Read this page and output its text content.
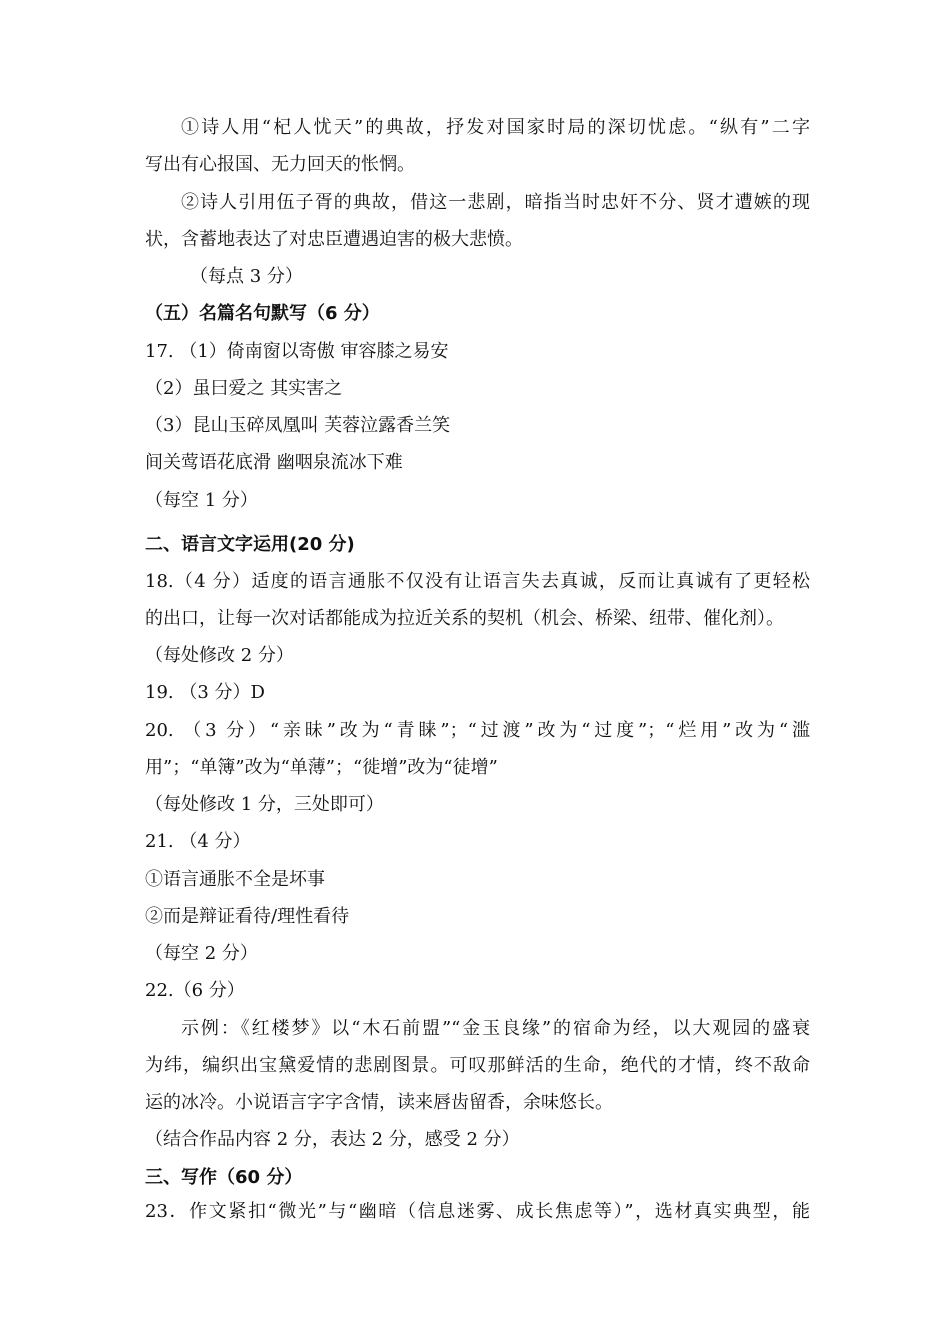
①诗人用“杞人忧天”的典故，抒发对国家时局的深切忧虑。“纵有”二字
写出有心报国、无力回天的怅惘。
②诗人引用伍子胥的典故，借这一悲剧，暗指当时忠奸不分、贤才遭嫉的现
状，含蓄地表达了对忠臣遭遇迫害的极大悲愤。
（每点 3 分）
（五）名篇名句默写（6 分）
17. （1）倚南窗以寄傲 审容膝之易安
（2）虽曰爱之 其实害之
（3）昆山玉碎凤凰叫 芙蓉泣露香兰笑
间关莺语花底滑 幽咽泉流冰下难
（每空 1 分）
二、语言文字运用(20 分)
18.（4 分）适度的语言通胀不仅没有让语言失去真诚，反而让真诚有了更轻松
的出口，让每一次对话都能成为拉近关系的契机（机会、桥梁、纽带、催化剂）。
（每处修改 2 分）
19. （3 分）D
20. （3 分）“亲昧”改为“青睐”；“过渡”改为“过度”；“烂用”改为“滥
用”；“单簿”改为“单薄”；“徙增”改为“徒增”
（每处修改 1 分，三处即可）
21. （4 分）
①语言通胀不全是坏事
②而是辩证看待/理性看待
（每空 2 分）
22.（6 分）
示例：《红楼梦》以“木石前盟”“金玉良缘”的宿命为经，以大观园的盛衰
为纬，编织出宝黛爱情的悲剧图景。可叹那鲜活的生命，绝代的才情，终不敌命
运的冰冷。小说语言字字含情，读来唇齿留香，余味悠长。
（结合作品内容 2 分，表达 2 分，感受 2 分）
三、写作（60 分）
23．作文紧扣“微光”与“幽暗（信息迷雾、成长焦虑等）”，选材真实典型，能
